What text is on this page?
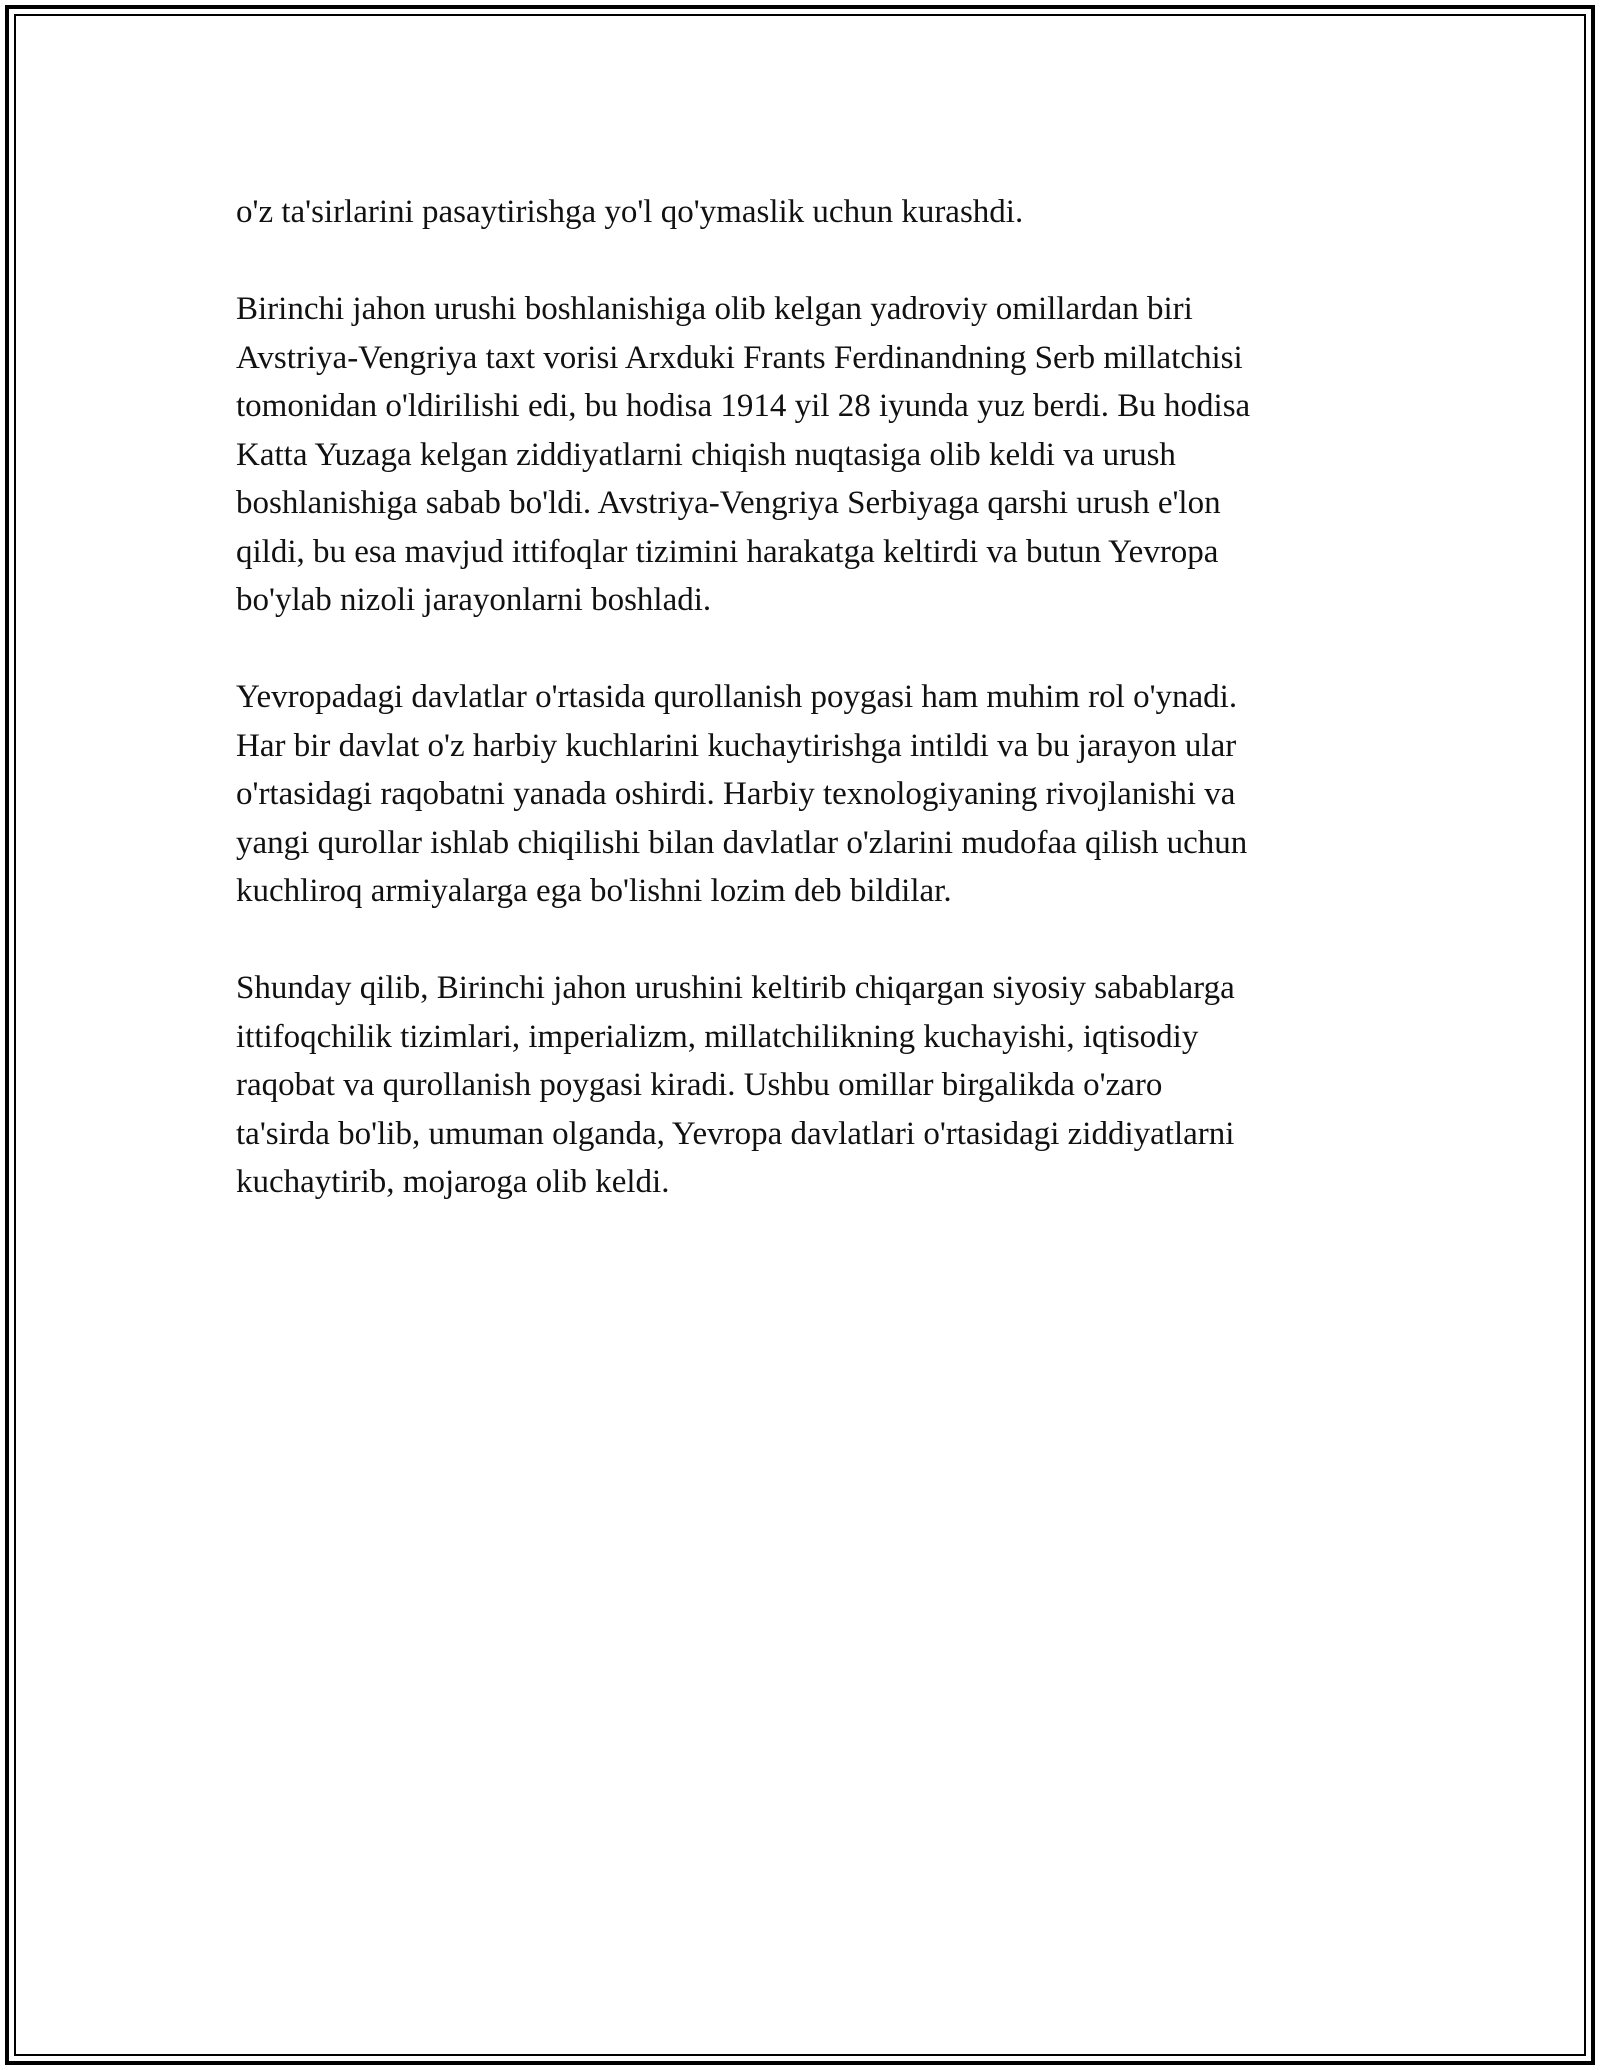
o'z ta'sirlarini pasaytirishga yo'l qo'ymaslik uchun kurashdi.

Birinchi jahon urushi boshlanishiga olib kelgan yadroviy omillardan biri
Avstriya-Vengriya taxt vorisi Arxduki Frants Ferdinandning Serb millatchisi
tomonidan o'ldirilishi edi, bu hodisa 1914 yil 28 iyunda yuz berdi. Bu hodisa
Katta Yuzaga kelgan ziddiyatlarni chiqish nuqtasiga olib keldi va urush
boshlanishiga sabab bo'ldi. Avstriya-Vengriya Serbiyaga qarshi urush e'lon
qildi, bu esa mavjud ittifoqlar tizimini harakatga keltirdi va butun Yevropa
bo'ylab nizoli jarayonlarni boshladi.

Yevropadagi davlatlar o'rtasida qurollanish poygasi ham muhim rol o'ynadi.
Har bir davlat o'z harbiy kuchlarini kuchaytirishga intildi va bu jarayon ular
o'rtasidagi raqobatni yanada oshirdi. Harbiy texnologiyaning rivojlanishi va
yangi qurollar ishlab chiqilishi bilan davlatlar o'zlarini mudofaa qilish uchun
kuchliroq armiyalarga ega bo'lishni lozim deb bildilar.

Shunday qilib, Birinchi jahon urushini keltirib chiqargan siyosiy sabablarga
ittifoqchilik tizimlari, imperializm, millatchilikning kuchayishi, iqtisodiy
raqobat va qurollanish poygasi kiradi. Ushbu omillar birgalikda o'zaro
ta'sirda bo'lib, umuman olganda, Yevropa davlatlari o'rtasidagi ziddiyatlarni
kuchaytirib, mojaroga olib keldi.
